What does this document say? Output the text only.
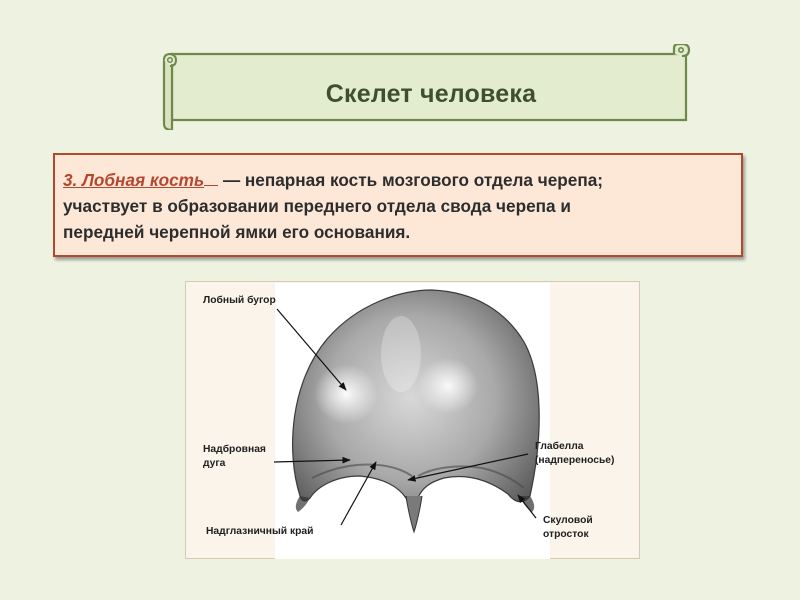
Скелет человека
3. Лобная кость — непарная кость мозгового отдела черепа;
участвует в образовании переднего отдела свода черепа и
передней черепной ямки его основания.
Лобный бугор
Надбровная
дуга
Надглазничный край
Глабелла
(надпереносье)
Скуловой
отросток
